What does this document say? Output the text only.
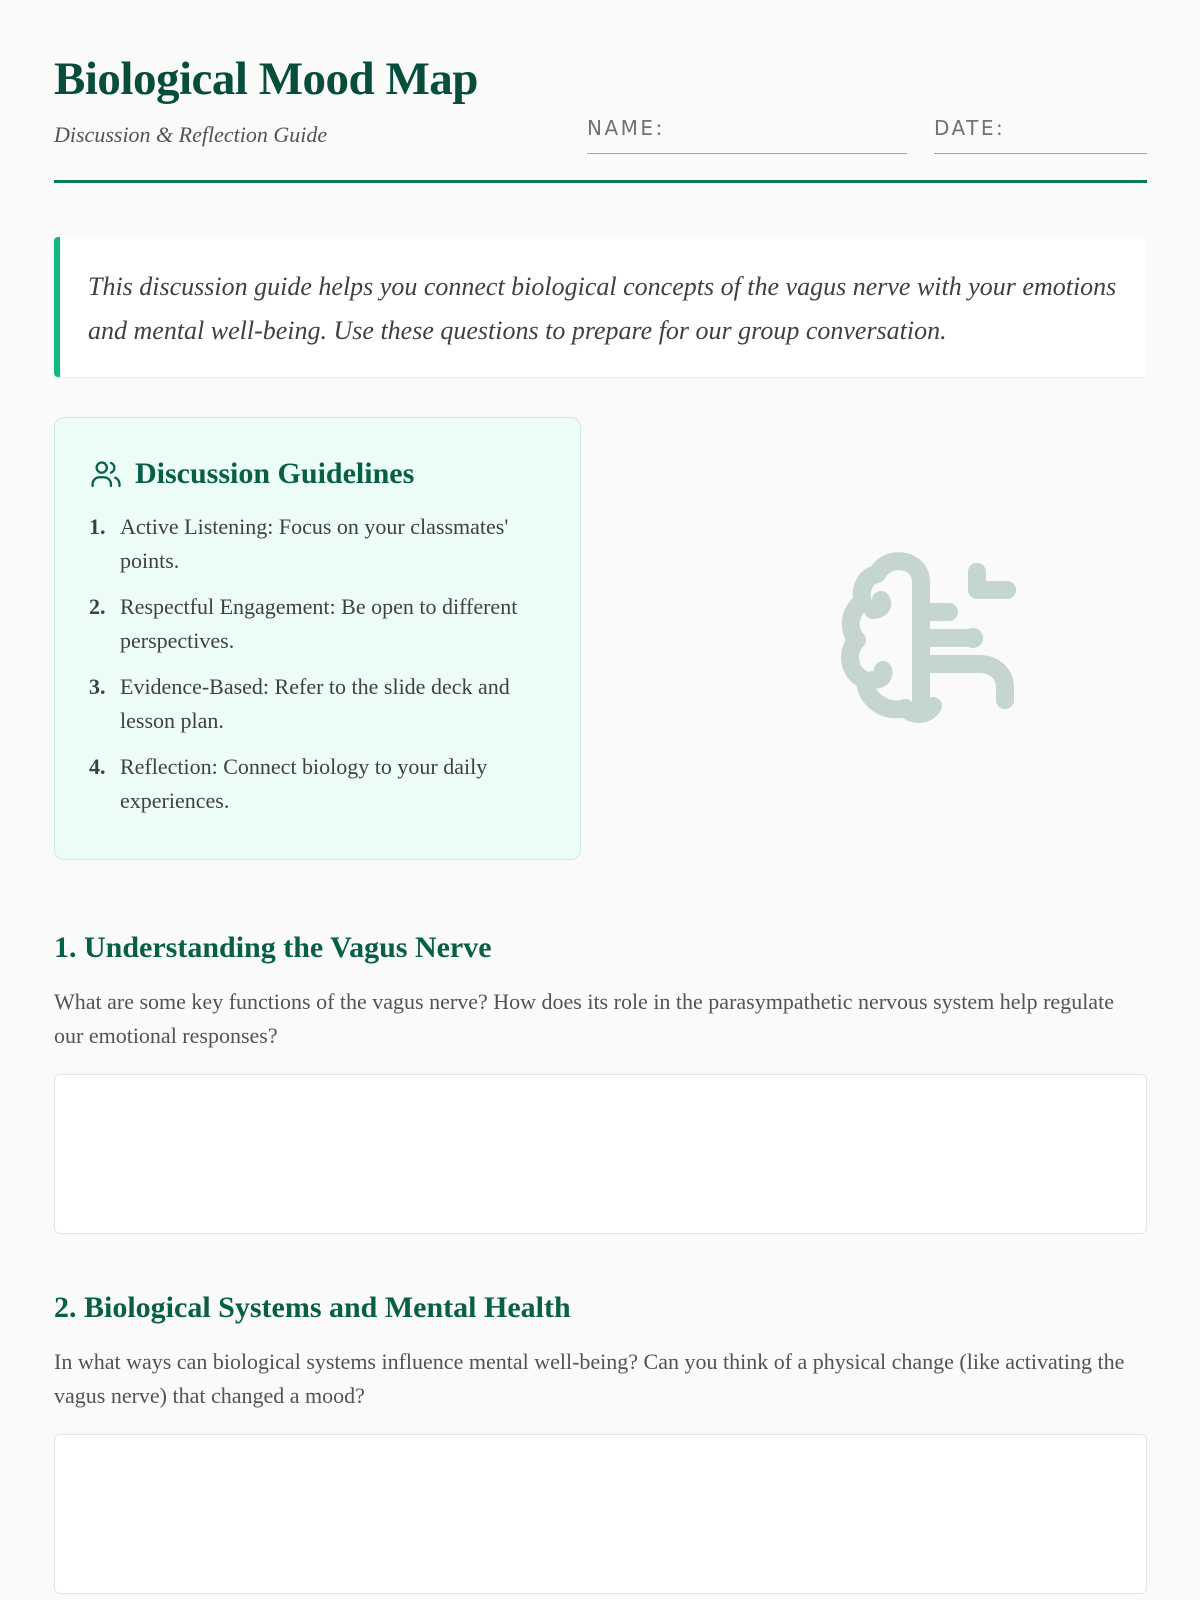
Biological Mood Map
Discussion & Reflection Guide	NAME:	DATE:
This discussion guide helps you connect biological concepts of the vagus nerve with your emotions and mental well-being. Use these questions to prepare for our group conversation.
Discussion Guidelines
1. Active Listening: Focus on your classmates' points.
2. Respectful Engagement: Be open to different perspectives.
3. Evidence-Based: Refer to the slide deck and lesson plan.
4. Reflection: Connect biology to your daily experiences.
1. Understanding the Vagus Nerve
What are some key functions of the vagus nerve? How does its role in the parasympathetic nervous system help regulate our emotional responses?
2. Biological Systems and Mental Health
In what ways can biological systems influence mental well-being? Can you think of a physical change (like activating the vagus nerve) that changed a mood?
